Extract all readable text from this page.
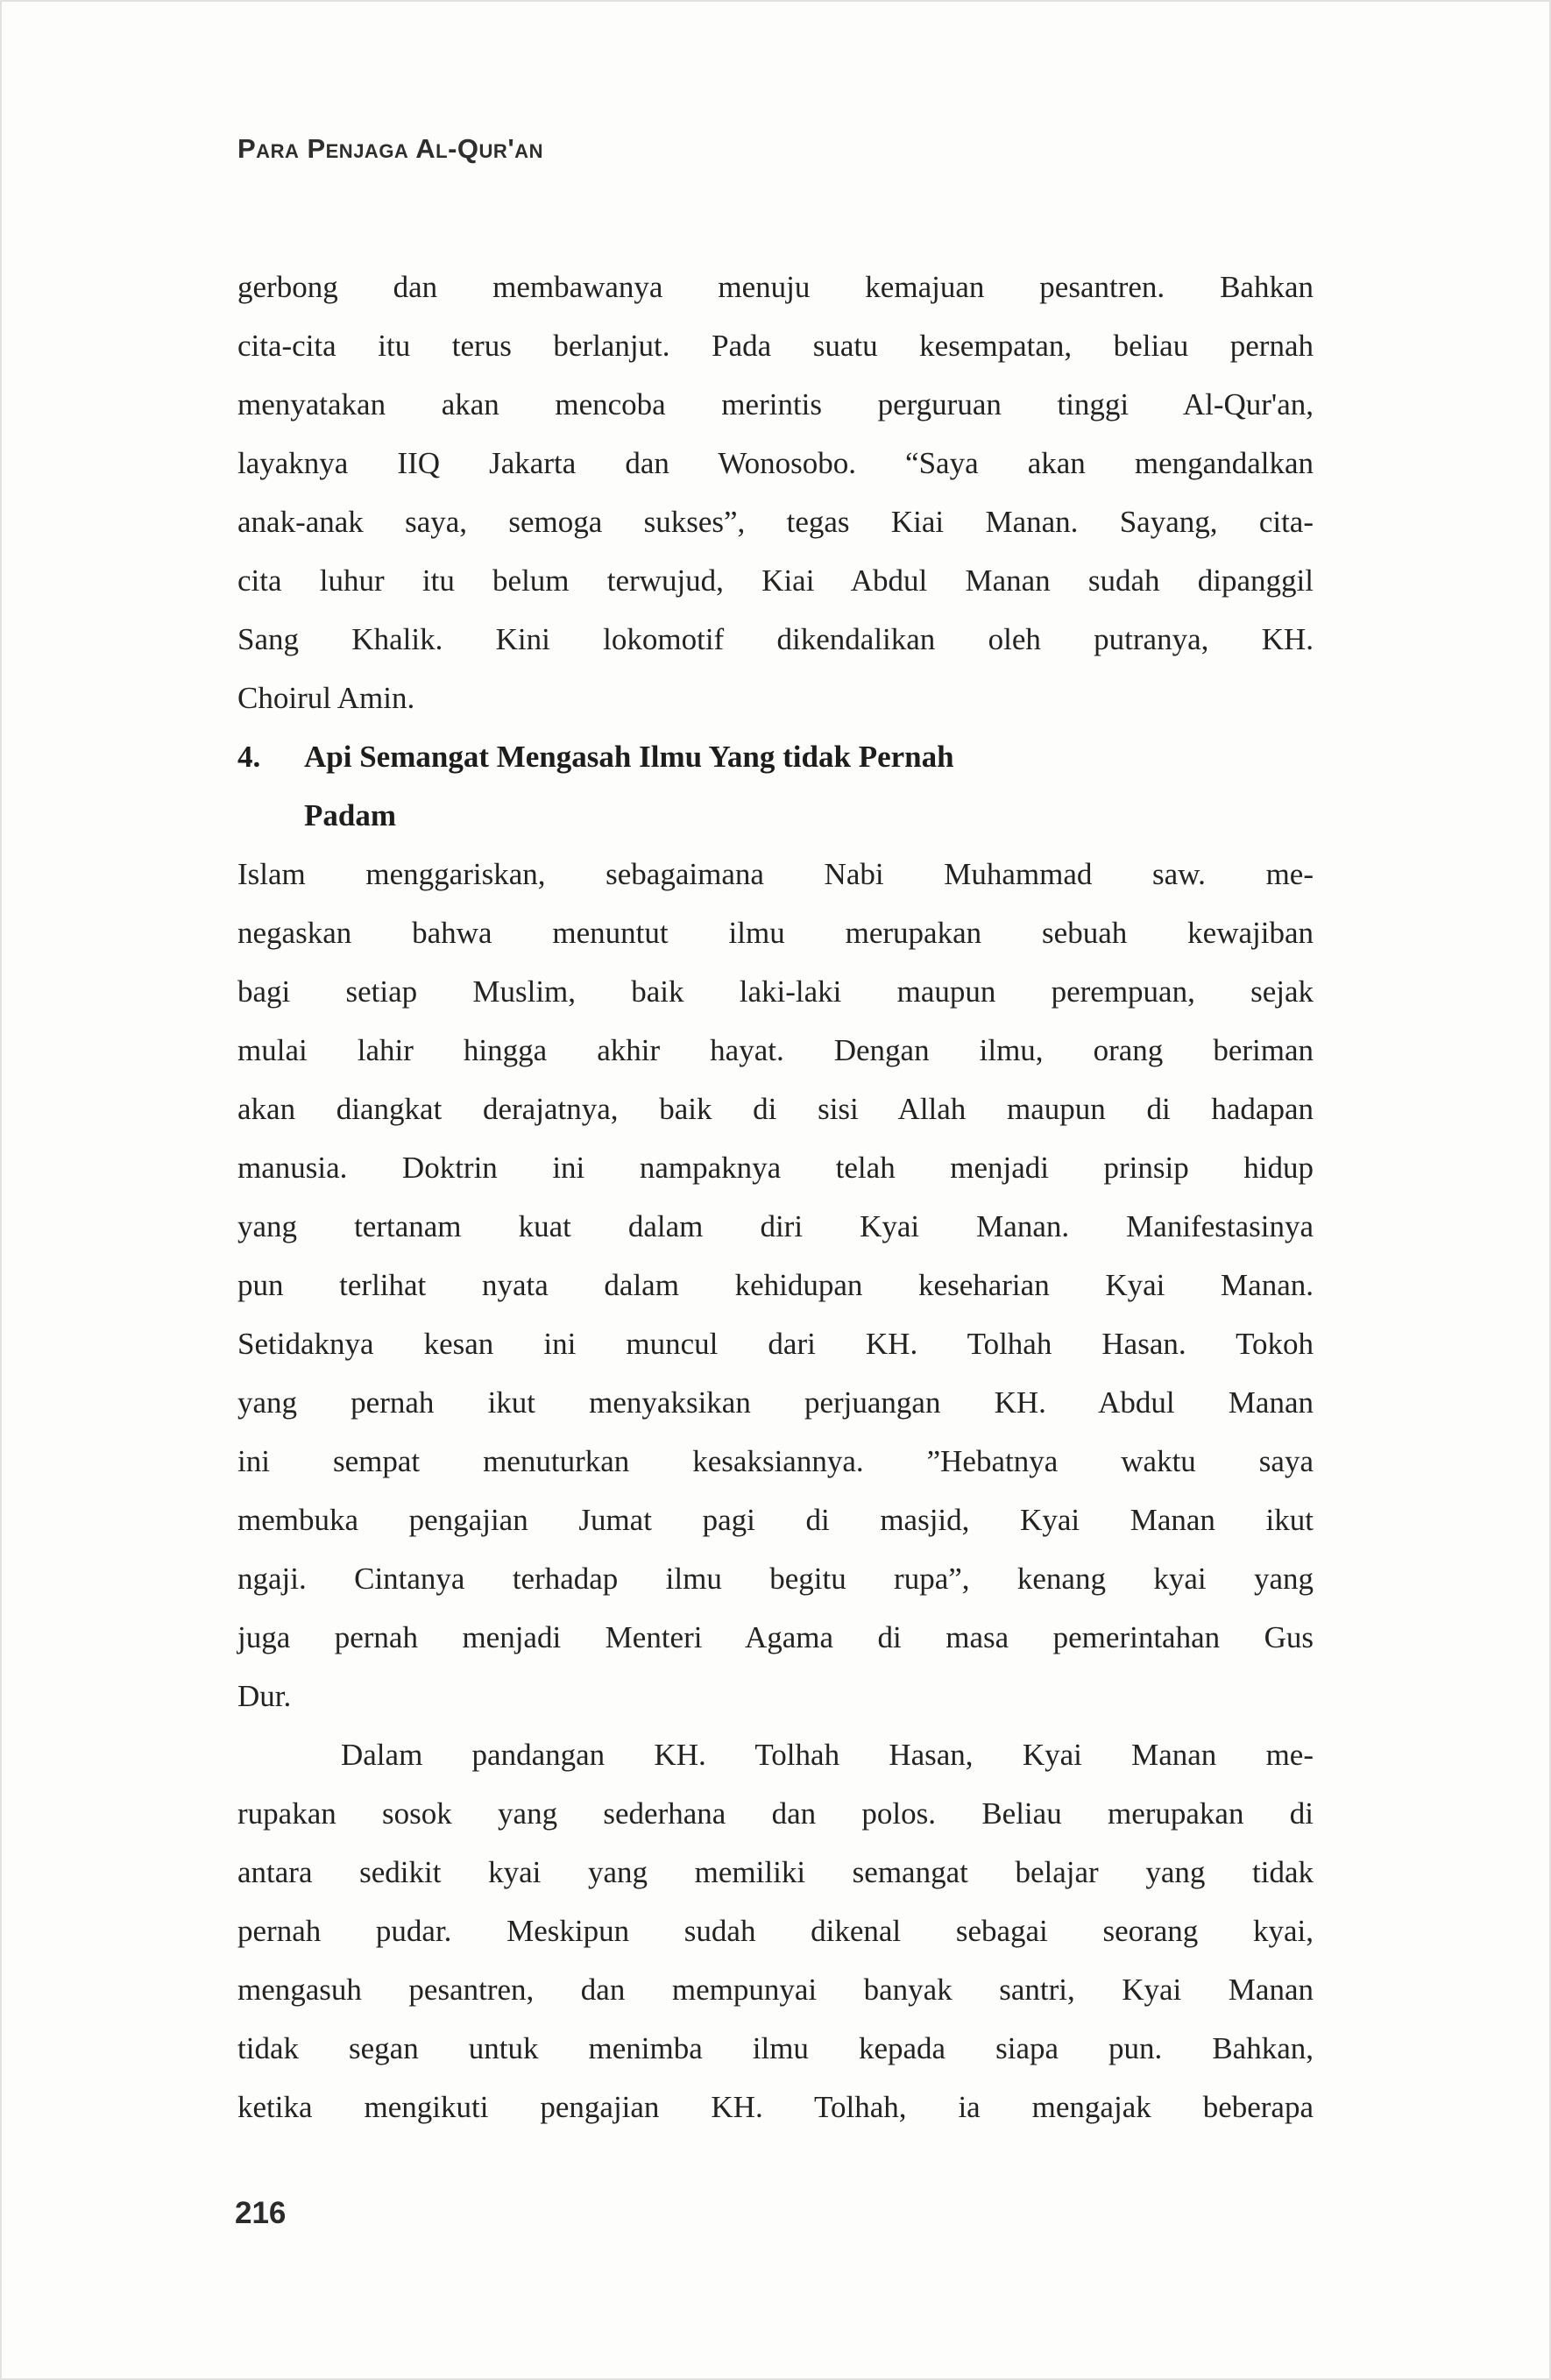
Para Penjaga Al-Qur'an
gerbong dan membawanya menuju kemajuan pesantren. Bahkan
cita-cita itu terus berlanjut. Pada suatu kesempatan, beliau pernah
menyatakan akan mencoba merintis perguruan tinggi Al-Qur'an,
layaknya IIQ Jakarta dan Wonosobo. “Saya akan mengandalkan
anak-anak saya, semoga sukses”, tegas Kiai Manan. Sayang, cita-
cita luhur itu belum terwujud, Kiai Abdul Manan sudah dipanggil
Sang Khalik. Kini lokomotif dikendalikan oleh putranya, KH.
Choirul Amin.
4.	Api Semangat Mengasah Ilmu Yang tidak Pernah
Padam
Islam menggariskan, sebagaimana Nabi Muhammad saw. me-
negaskan bahwa menuntut ilmu merupakan sebuah kewajiban
bagi setiap Muslim, baik laki-laki maupun perempuan, sejak
mulai lahir hingga akhir hayat. Dengan ilmu, orang beriman
akan diangkat derajatnya, baik di sisi Allah maupun di hadapan
manusia. Doktrin ini nampaknya telah menjadi prinsip hidup
yang tertanam kuat dalam diri Kyai Manan. Manifestasinya
pun terlihat nyata dalam kehidupan keseharian Kyai Manan.
Setidaknya kesan ini muncul dari KH. Tolhah Hasan. Tokoh
yang pernah ikut menyaksikan perjuangan KH. Abdul Manan
ini sempat menuturkan kesaksiannya. ”Hebatnya waktu saya
membuka pengajian Jumat pagi di masjid, Kyai Manan ikut
ngaji. Cintanya terhadap ilmu begitu rupa”, kenang kyai yang
juga pernah menjadi Menteri Agama di masa pemerintahan Gus
Dur.
Dalam pandangan KH. Tolhah Hasan, Kyai Manan me-
rupakan sosok yang sederhana dan polos. Beliau merupakan di
antara sedikit kyai yang memiliki semangat belajar yang tidak
pernah pudar. Meskipun sudah dikenal sebagai seorang kyai,
mengasuh pesantren, dan mempunyai banyak santri, Kyai Manan
tidak segan untuk menimba ilmu kepada siapa pun. Bahkan,
ketika mengikuti pengajian KH. Tolhah, ia mengajak beberapa
216
